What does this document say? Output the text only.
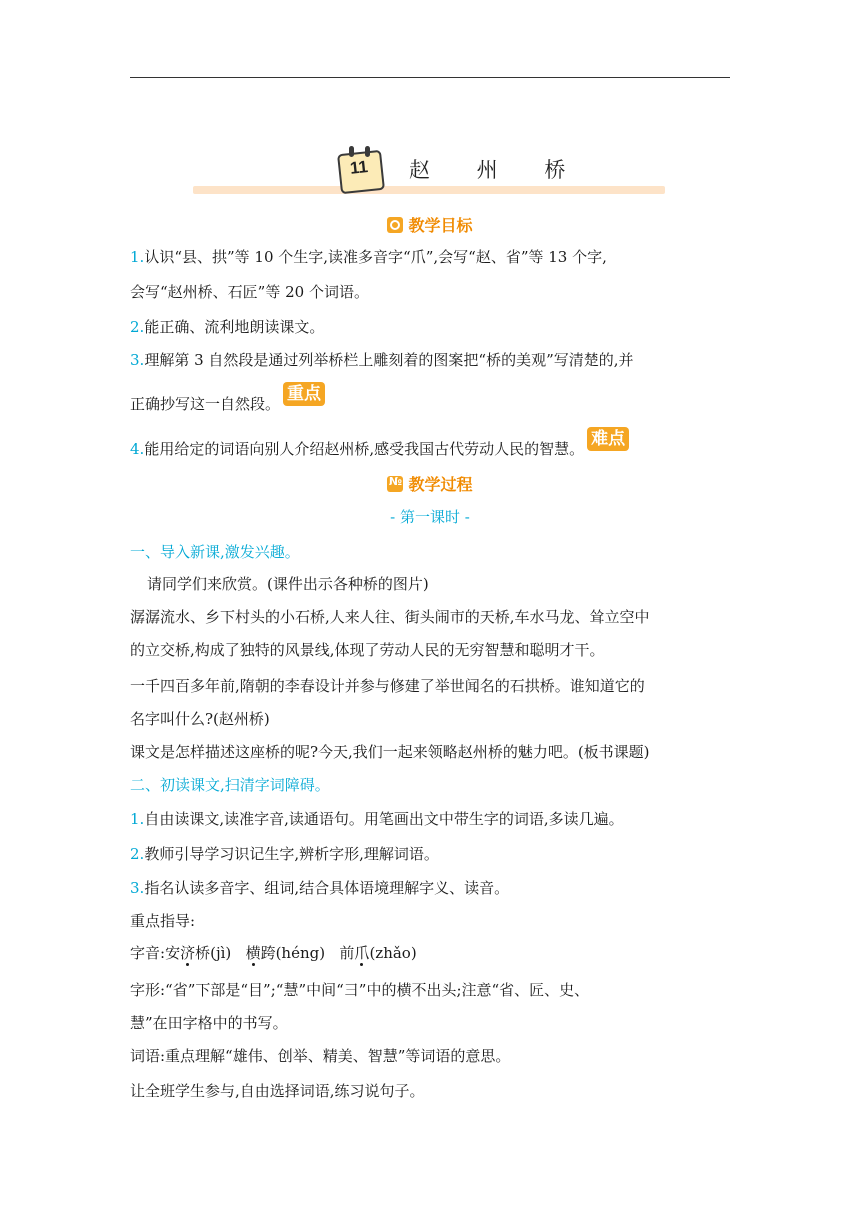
11	赵 州 桥
教学目标
1.认识“县、拱”等 10 个生字,读准多音字“爪”,会写“赵、省”等 13 个字,
会写“赵州桥、石匠”等 20 个词语。
2.能正确、流利地朗读课文。
3.理解第 3 自然段是通过列举桥栏上雕刻着的图案把“桥的美观”写清楚的,并
正确抄写这一自然段。 重点
4.能用给定的词语向别人介绍赵州桥,感受我国古代劳动人民的智慧。 难点
№
教学过程
- 第一课时 -
一、导入新课,激发兴趣。
请同学们来欣赏。(课件出示各种桥的图片)
潺潺流水、乡下村头的小石桥,人来人往、街头闹市的天桥,车水马龙、耸立空中
的立交桥,构成了独特的风景线,体现了劳动人民的无穷智慧和聪明才干。
一千四百多年前,隋朝的李春设计并参与修建了举世闻名的石拱桥。谁知道它的
名字叫什么?(赵州桥)
课文是怎样描述这座桥的呢?今天,我们一起来领略赵州桥的魅力吧。(板书课题)
二、初读课文,扫清字词障碍。
1.自由读课文,读准字音,读通语句。用笔画出文中带生字的词语,多读几遍。
2.教师引导学习识记生字,辨析字形,理解词语。
3.指名认读多音字、组词,结合具体语境理解字义、读音。
重点指导:
字音:安济桥(jì) 横跨(héng) 前爪(zhǎo)
字形:“省”下部是“目”;“慧”中间“彐”中的横不出头;注意“省、匠、史、
慧”在田字格中的书写。
词语:重点理解“雄伟、创举、精美、智慧”等词语的意思。
让全班学生参与,自由选择词语,练习说句子。
